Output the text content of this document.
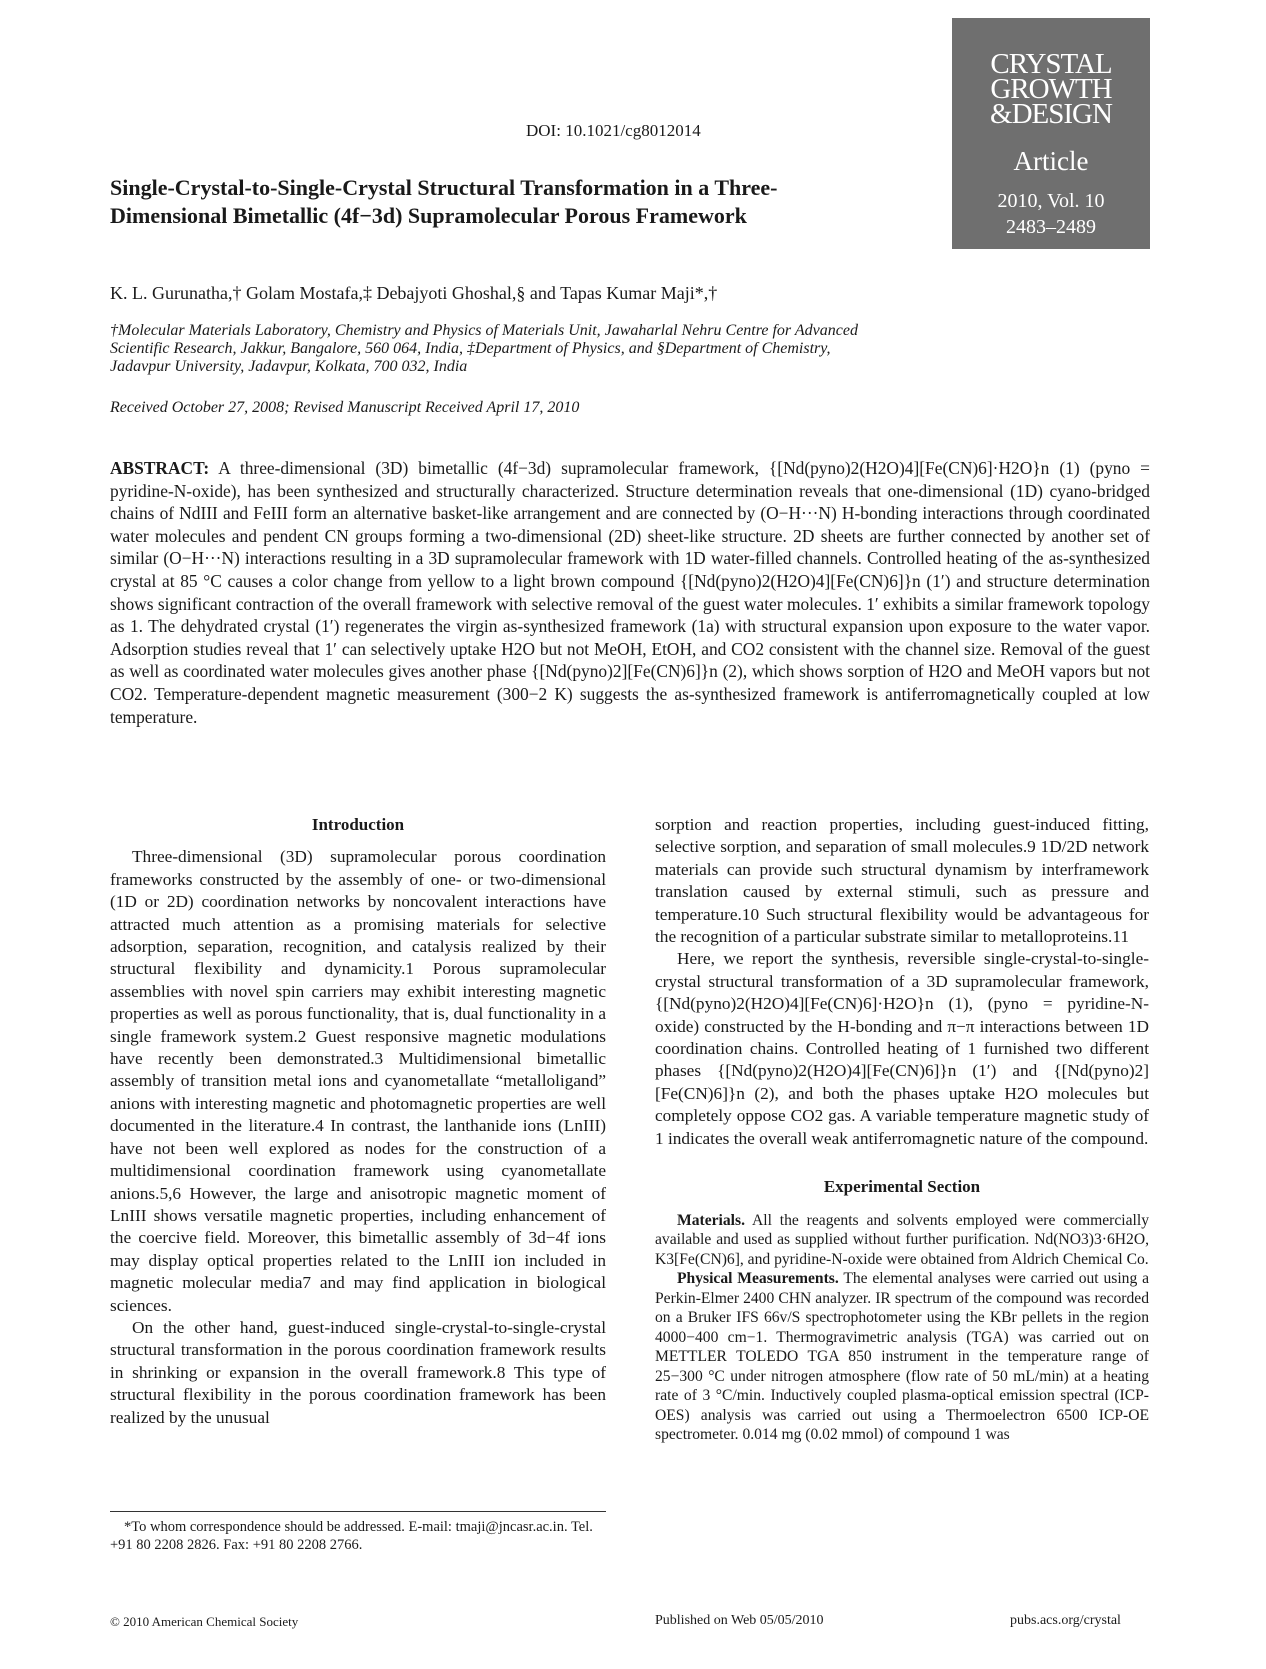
CRYSTAL
GROWTH
&DESIGN
Article
2010, Vol. 10
2483–2489
DOI: 10.1021/cg8012014
Single-Crystal-to-Single-Crystal Structural Transformation in a Three-Dimensional Bimetallic (4f−3d) Supramolecular Porous Framework
K. L. Gurunatha,† Golam Mostafa,‡ Debajyoti Ghoshal,§ and Tapas Kumar Maji*,†
†Molecular Materials Laboratory, Chemistry and Physics of Materials Unit, Jawaharlal Nehru Centre for Advanced Scientific Research, Jakkur, Bangalore, 560 064, India, ‡Department of Physics, and §Department of Chemistry, Jadavpur University, Jadavpur, Kolkata, 700 032, India
Received October 27, 2008; Revised Manuscript Received April 17, 2010
ABSTRACT: A three-dimensional (3D) bimetallic (4f−3d) supramolecular framework, {[Nd(pyno)2(H2O)4][Fe(CN)6]·H2O}n (1) (pyno = pyridine-N-oxide), has been synthesized and structurally characterized. Structure determination reveals that one-dimensional (1D) cyano-bridged chains of NdIII and FeIII form an alternative basket-like arrangement and are connected by (O−H···N) H-bonding interactions through coordinated water molecules and pendent CN groups forming a two-dimensional (2D) sheet-like structure. 2D sheets are further connected by another set of similar (O−H···N) interactions resulting in a 3D supramolecular framework with 1D water-filled channels. Controlled heating of the as-synthesized crystal at 85 °C causes a color change from yellow to a light brown compound {[Nd(pyno)2(H2O)4][Fe(CN)6]}n (1′) and structure determination shows significant contraction of the overall framework with selective removal of the guest water molecules. 1′ exhibits a similar framework topology as 1. The dehydrated crystal (1′) regenerates the virgin as-synthesized framework (1a) with structural expansion upon exposure to the water vapor. Adsorption studies reveal that 1′ can selectively uptake H2O but not MeOH, EtOH, and CO2 consistent with the channel size. Removal of the guest as well as coordinated water molecules gives another phase {[Nd(pyno)2][Fe(CN)6]}n (2), which shows sorption of H2O and MeOH vapors but not CO2. Temperature-dependent magnetic measurement (300−2 K) suggests the as-synthesized framework is antiferromagnetically coupled at low temperature.
Introduction

Three-dimensional (3D) supramolecular porous coordination frameworks constructed by the assembly of one- or two-dimensional (1D or 2D) coordination networks by noncovalent interactions have attracted much attention as a promising materials for selective adsorption, separation, recognition, and catalysis realized by their structural flexibility and dynamicity.1 Porous supramolecular assemblies with novel spin carriers may exhibit interesting magnetic properties as well as porous functionality, that is, dual functionality in a single framework system.2 Guest responsive magnetic modulations have recently been demonstrated.3 Multidimensional bimetallic assembly of transition metal ions and cyanometallate “metalloligand” anions with interesting magnetic and photomagnetic properties are well documented in the literature.4 In contrast, the lanthanide ions (LnIII) have not been well explored as nodes for the construction of a multidimensional coordination framework using cyanometallate anions.5,6 However, the large and anisotropic magnetic moment of LnIII shows versatile magnetic properties, including enhancement of the coercive field. Moreover, this bimetallic assembly of 3d−4f ions may display optical properties related to the LnIII ion included in magnetic molecular media7 and may find application in biological sciences.

On the other hand, guest-induced single-crystal-to-single-crystal structural transformation in the porous coordination framework results in shrinking or expansion in the overall framework.8 This type of structural flexibility in the porous coordination framework has been realized by the unusual

sorption and reaction properties, including guest-induced fitting, selective sorption, and separation of small molecules.9 1D/2D network materials can provide such structural dynamism by interframework translation caused by external stimuli, such as pressure and temperature.10 Such structural flexibility would be advantageous for the recognition of a particular substrate similar to metalloproteins.11

Here, we report the synthesis, reversible single-crystal-to-single-crystal structural transformation of a 3D supramolecular framework, {[Nd(pyno)2(H2O)4][Fe(CN)6]·H2O}n (1), (pyno = pyridine-N-oxide) constructed by the H-bonding and π−π interactions between 1D coordination chains. Controlled heating of 1 furnished two different phases {[Nd(pyno)2(H2O)4][Fe(CN)6]}n (1′) and {[Nd(pyno)2][Fe(CN)6]}n (2), and both the phases uptake H2O molecules but completely oppose CO2 gas. A variable temperature magnetic study of 1 indicates the overall weak antiferromagnetic nature of the compound.

Experimental Section

Materials. All the reagents and solvents employed were commercially available and used as supplied without further purification. Nd(NO3)3·6H2O, K3[Fe(CN)6], and pyridine-N-oxide were obtained from Aldrich Chemical Co.

Physical Measurements. The elemental analyses were carried out using a Perkin-Elmer 2400 CHN analyzer. IR spectrum of the compound was recorded on a Bruker IFS 66v/S spectrophotometer using the KBr pellets in the region 4000−400 cm−1. Thermogravimetric analysis (TGA) was carried out on METTLER TOLEDO TGA 850 instrument in the temperature range of 25−300 °C under nitrogen atmosphere (flow rate of 50 mL/min) at a heating rate of 3 °C/min. Inductively coupled plasma-optical emission spectral (ICP-OES) analysis was carried out using a Thermoelectron 6500 ICP-OE spectrometer. 0.014 mg (0.02 mmol) of compound 1 was

*To whom correspondence should be addressed. E-mail: tmaji@jncasr.ac.in. Tel. +91 80 2208 2826. Fax: +91 80 2208 2766.
© 2010 American Chemical Society	Published on Web 05/05/2010	pubs.acs.org/crystal
